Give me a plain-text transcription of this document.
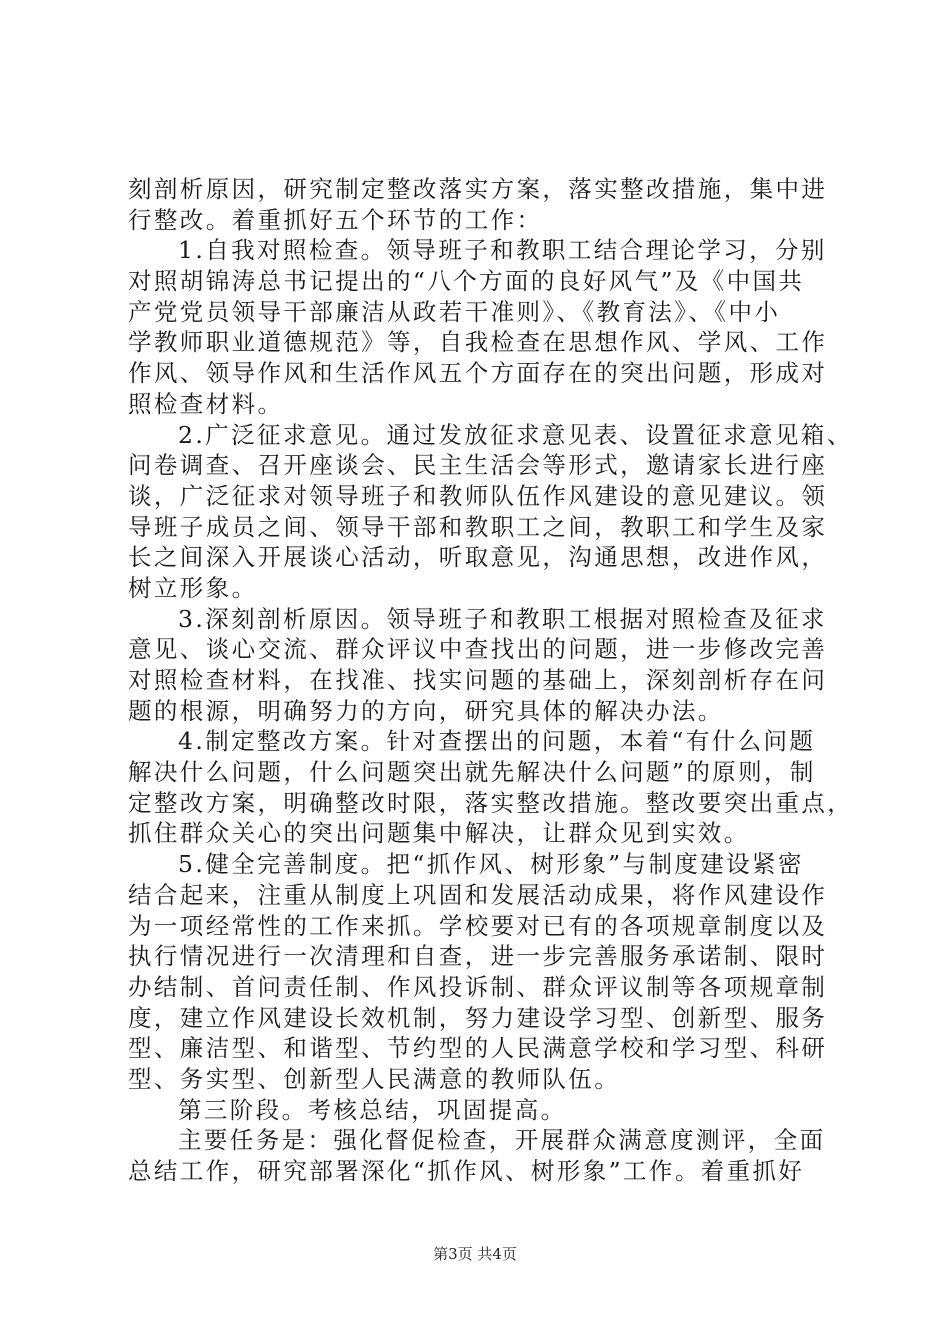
刻剖析原因，研究制定整改落实方案，落实整改措施，集中进
行整改。着重抓好五个环节的工作：
1.自我对照检查。领导班子和教职工结合理论学习，分别
对照胡锦涛总书记提出的“八个方面的良好风气”及《中国共
产党党员领导干部廉洁从政若干准则》、《教育法》、《中小
学教师职业道德规范》等，自我检查在思想作风、学风、工作
作风、领导作风和生活作风五个方面存在的突出问题，形成对
照检查材料。
2.广泛征求意见。通过发放征求意见表、设置征求意见箱、
问卷调查、召开座谈会、民主生活会等形式，邀请家长进行座
谈，广泛征求对领导班子和教师队伍作风建设的意见建议。领
导班子成员之间、领导干部和教职工之间，教职工和学生及家
长之间深入开展谈心活动，听取意见，沟通思想，改进作风，
树立形象。
3.深刻剖析原因。领导班子和教职工根据对照检查及征求
意见、谈心交流、群众评议中查找出的问题，进一步修改完善
对照检查材料，在找准、找实问题的基础上，深刻剖析存在问
题的根源，明确努力的方向，研究具体的解决办法。
4.制定整改方案。针对查摆出的问题，本着“有什么问题
解决什么问题，什么问题突出就先解决什么问题”的原则，制
定整改方案，明确整改时限，落实整改措施。整改要突出重点，
抓住群众关心的突出问题集中解决，让群众见到实效。
5.健全完善制度。把“抓作风、树形象”与制度建设紧密
结合起来，注重从制度上巩固和发展活动成果，将作风建设作
为一项经常性的工作来抓。学校要对已有的各项规章制度以及
执行情况进行一次清理和自查，进一步完善服务承诺制、限时
办结制、首问责任制、作风投诉制、群众评议制等各项规章制
度，建立作风建设长效机制，努力建设学习型、创新型、服务
型、廉洁型、和谐型、节约型的人民满意学校和学习型、科研
型、务实型、创新型人民满意的教师队伍。
第三阶段。考核总结，巩固提高。
主要任务是：强化督促检查，开展群众满意度测评，全面
总结工作，研究部署深化“抓作风、树形象”工作。着重抓好
第3页 共4页
